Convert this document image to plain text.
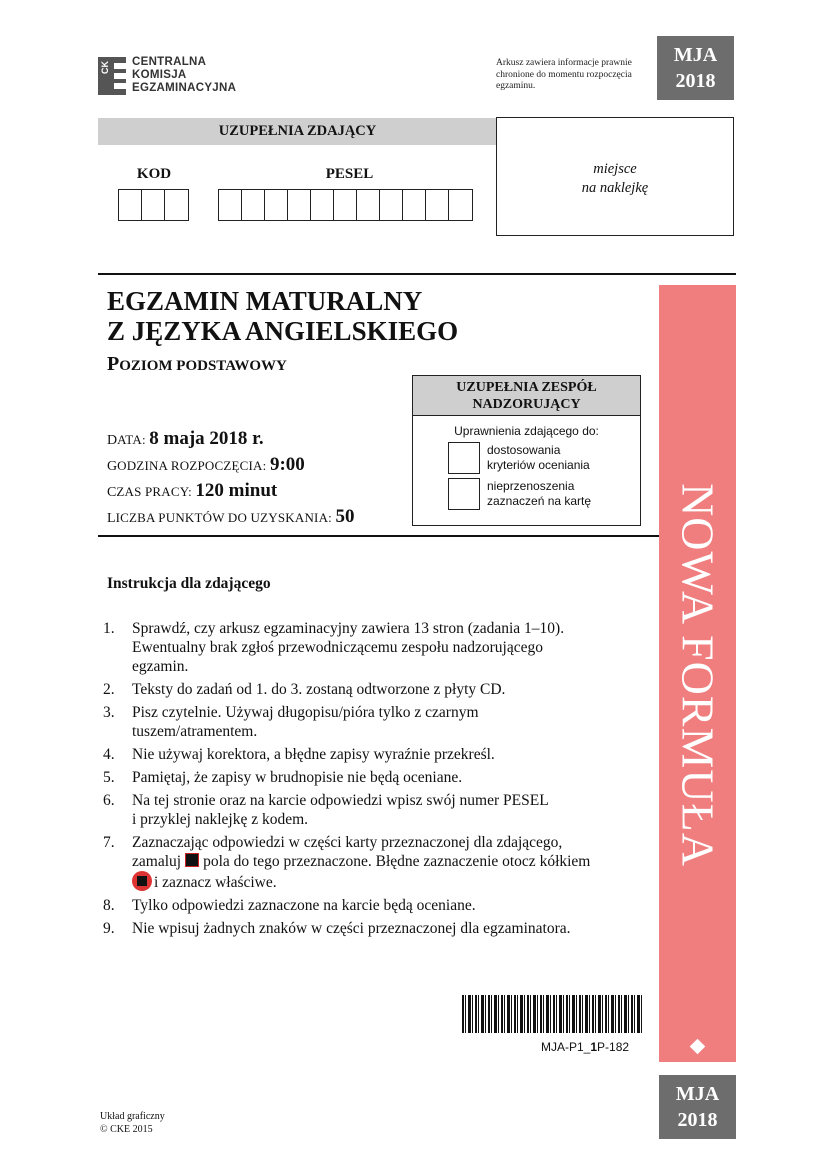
CK CENTRALNA
KOMISJA
EGZAMINACYJNA
Arkusz zawiera informacje prawnie chronione do momentu rozpoczęcia egzaminu.
MJA
2018
UZUPEŁNIA ZDAJĄCY
KOD	PESEL	miejsce
na naklejkę
EGZAMIN MATURALNY
Z JĘZYKA ANGIELSKIEGO
POZIOM PODSTAWOWY
UZUPEŁNIA ZESPÓŁ
NADZORUJĄCY
Uprawnienia zdającego do:
dostosowania
kryteriów oceniania
nieprzenoszenia
zaznaczeń na kartę
DATA: 8 maja 2018 r.
GODZINA ROZPOCZĘCIA: 9:00
CZAS PRACY: 120 minut
LICZBA PUNKTÓW DO UZYSKANIA: 50
Instrukcja dla zdającego
1.	Sprawdź, czy arkusz egzaminacyjny zawiera 13 stron (zadania 1–10).
Ewentualny brak zgłoś przewodniczącemu zespołu nadzorującego
egzamin.
2.	Teksty do zadań od 1. do 3. zostaną odtworzone z płyty CD.
3.	Pisz czytelnie. Używaj długopisu/pióra tylko z czarnym
tuszem/atramentem.
4.	Nie używaj korektora, a błędne zapisy wyraźnie przekreśl.
5.	Pamiętaj, że zapisy w brudnopisie nie będą oceniane.
6.	Na tej stronie oraz na karcie odpowiedzi wpisz swój numer PESEL
i przyklej naklejkę z kodem.
7.	Zaznaczając odpowiedzi w części karty przeznaczonej dla zdającego,
zamaluj pola do tego przeznaczone. Błędne zaznaczenie otocz kółkiem
i zaznacz właściwe.
8.	Tylko odpowiedzi zaznaczone na karcie będą oceniane.
9.	Nie wpisuj żadnych znaków w części przeznaczonej dla egzaminatora.
NOWA FORMUŁA
MJA-P1_1P-182
MJA
2018
Układ graficzny
© CKE 2015
